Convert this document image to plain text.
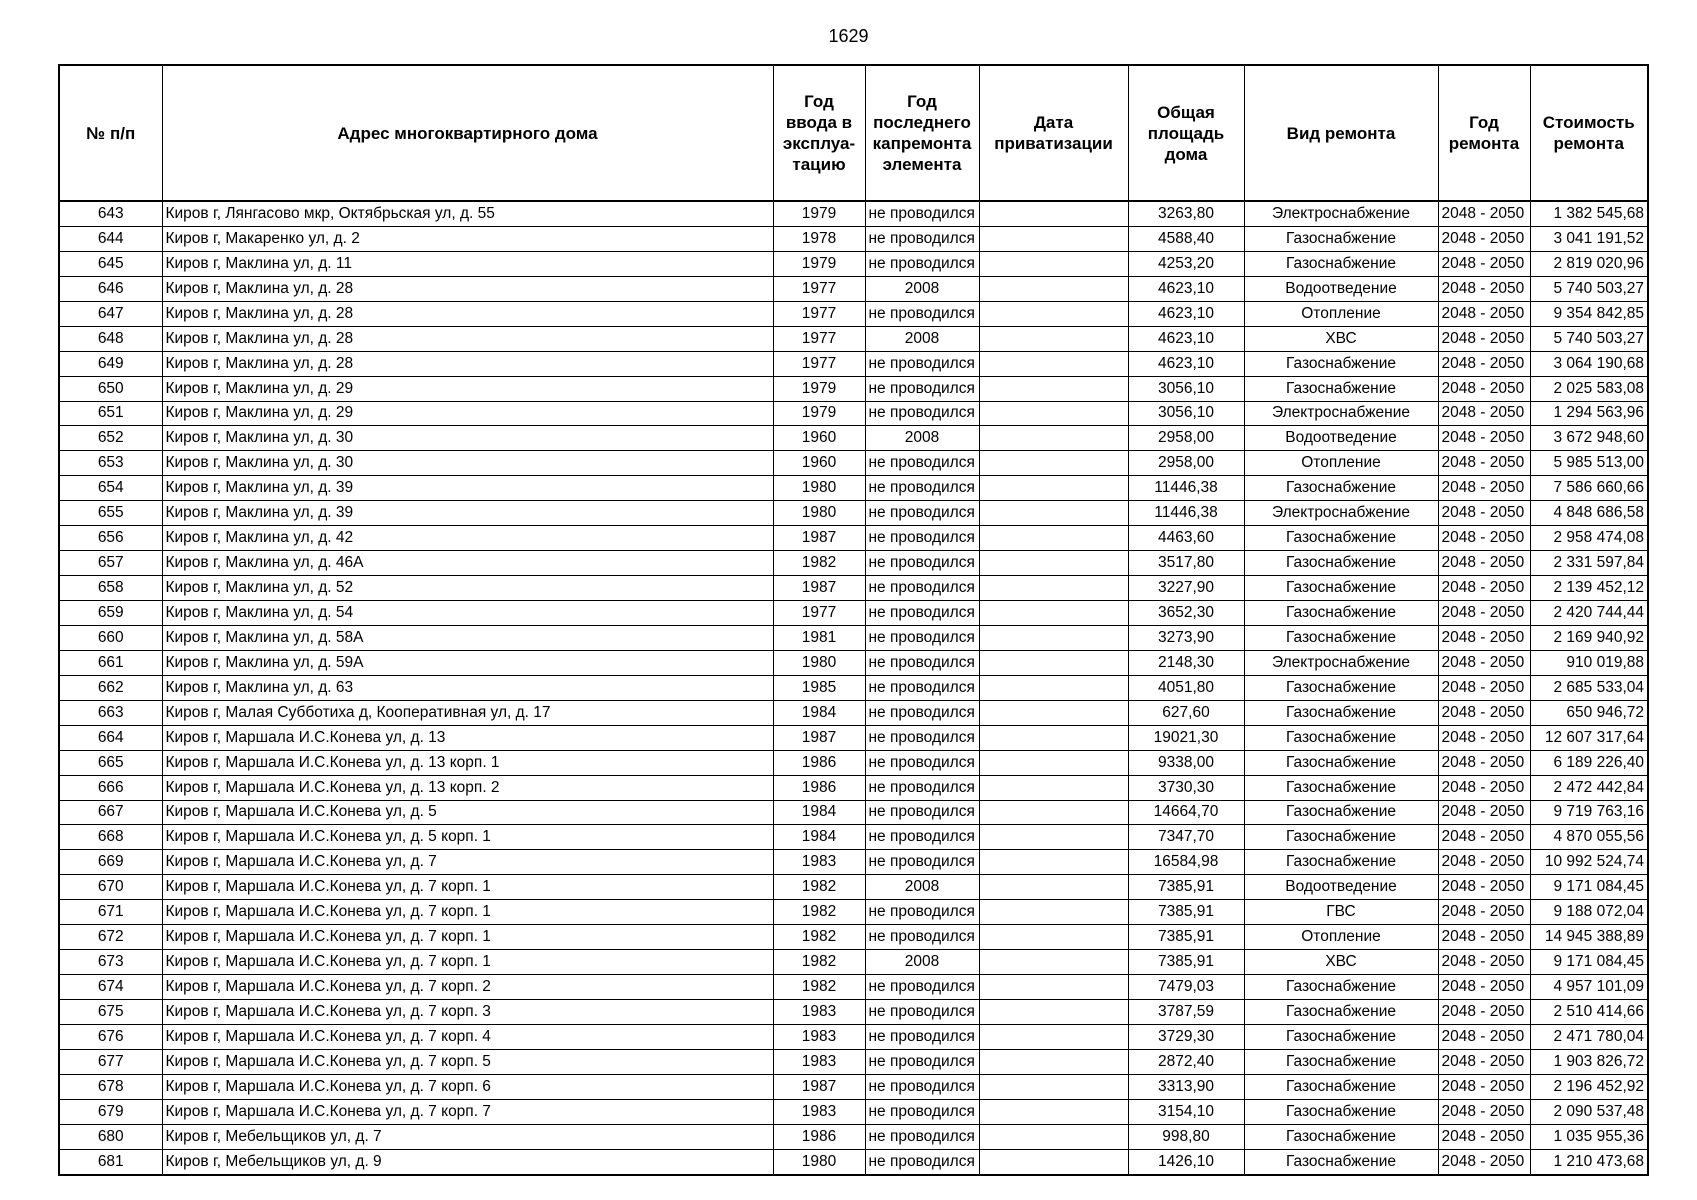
1629
№ п/п	Адрес многоквартирного дома	Год ввода в эксплуа-тацию	Год последнего капремонта элемента	Дата приватизации	Общая площадь дома	Вид ремонта	Год ремонта	Стоимость ремонта
643	Киров г, Лянгасово мкр, Октябрьская ул, д. 55	1979	не проводился		3263,80	Электроснабжение	2048 - 2050	1 382 545,68
644	Киров г, Макаренко ул, д. 2	1978	не проводился		4588,40	Газоснабжение	2048 - 2050	3 041 191,52
645	Киров г, Маклина ул, д. 11	1979	не проводился		4253,20	Газоснабжение	2048 - 2050	2 819 020,96
646	Киров г, Маклина ул, д. 28	1977	2008		4623,10	Водоотведение	2048 - 2050	5 740 503,27
647	Киров г, Маклина ул, д. 28	1977	не проводился		4623,10	Отопление	2048 - 2050	9 354 842,85
648	Киров г, Маклина ул, д. 28	1977	2008		4623,10	ХВС	2048 - 2050	5 740 503,27
649	Киров г, Маклина ул, д. 28	1977	не проводился		4623,10	Газоснабжение	2048 - 2050	3 064 190,68
650	Киров г, Маклина ул, д. 29	1979	не проводился		3056,10	Газоснабжение	2048 - 2050	2 025 583,08
651	Киров г, Маклина ул, д. 29	1979	не проводился		3056,10	Электроснабжение	2048 - 2050	1 294 563,96
652	Киров г, Маклина ул, д. 30	1960	2008		2958,00	Водоотведение	2048 - 2050	3 672 948,60
653	Киров г, Маклина ул, д. 30	1960	не проводился		2958,00	Отопление	2048 - 2050	5 985 513,00
654	Киров г, Маклина ул, д. 39	1980	не проводился		11446,38	Газоснабжение	2048 - 2050	7 586 660,66
655	Киров г, Маклина ул, д. 39	1980	не проводился		11446,38	Электроснабжение	2048 - 2050	4 848 686,58
656	Киров г, Маклина ул, д. 42	1987	не проводился		4463,60	Газоснабжение	2048 - 2050	2 958 474,08
657	Киров г, Маклина ул, д. 46А	1982	не проводился		3517,80	Газоснабжение	2048 - 2050	2 331 597,84
658	Киров г, Маклина ул, д. 52	1987	не проводился		3227,90	Газоснабжение	2048 - 2050	2 139 452,12
659	Киров г, Маклина ул, д. 54	1977	не проводился		3652,30	Газоснабжение	2048 - 2050	2 420 744,44
660	Киров г, Маклина ул, д. 58А	1981	не проводился		3273,90	Газоснабжение	2048 - 2050	2 169 940,92
661	Киров г, Маклина ул, д. 59А	1980	не проводился		2148,30	Электроснабжение	2048 - 2050	910 019,88
662	Киров г, Маклина ул, д. 63	1985	не проводился		4051,80	Газоснабжение	2048 - 2050	2 685 533,04
663	Киров г, Малая Субботиха д, Кооперативная ул, д. 17	1984	не проводился		627,60	Газоснабжение	2048 - 2050	650 946,72
664	Киров г, Маршала И.С.Конева ул, д. 13	1987	не проводился		19021,30	Газоснабжение	2048 - 2050	12 607 317,64
665	Киров г, Маршала И.С.Конева ул, д. 13 корп. 1	1986	не проводился		9338,00	Газоснабжение	2048 - 2050	6 189 226,40
666	Киров г, Маршала И.С.Конева ул, д. 13 корп. 2	1986	не проводился		3730,30	Газоснабжение	2048 - 2050	2 472 442,84
667	Киров г, Маршала И.С.Конева ул, д. 5	1984	не проводился		14664,70	Газоснабжение	2048 - 2050	9 719 763,16
668	Киров г, Маршала И.С.Конева ул, д. 5 корп. 1	1984	не проводился		7347,70	Газоснабжение	2048 - 2050	4 870 055,56
669	Киров г, Маршала И.С.Конева ул, д. 7	1983	не проводился		16584,98	Газоснабжение	2048 - 2050	10 992 524,74
670	Киров г, Маршала И.С.Конева ул, д. 7 корп. 1	1982	2008		7385,91	Водоотведение	2048 - 2050	9 171 084,45
671	Киров г, Маршала И.С.Конева ул, д. 7 корп. 1	1982	не проводился		7385,91	ГВС	2048 - 2050	9 188 072,04
672	Киров г, Маршала И.С.Конева ул, д. 7 корп. 1	1982	не проводился		7385,91	Отопление	2048 - 2050	14 945 388,89
673	Киров г, Маршала И.С.Конева ул, д. 7 корп. 1	1982	2008		7385,91	ХВС	2048 - 2050	9 171 084,45
674	Киров г, Маршала И.С.Конева ул, д. 7 корп. 2	1982	не проводился		7479,03	Газоснабжение	2048 - 2050	4 957 101,09
675	Киров г, Маршала И.С.Конева ул, д. 7 корп. 3	1983	не проводился		3787,59	Газоснабжение	2048 - 2050	2 510 414,66
676	Киров г, Маршала И.С.Конева ул, д. 7 корп. 4	1983	не проводился		3729,30	Газоснабжение	2048 - 2050	2 471 780,04
677	Киров г, Маршала И.С.Конева ул, д. 7 корп. 5	1983	не проводился		2872,40	Газоснабжение	2048 - 2050	1 903 826,72
678	Киров г, Маршала И.С.Конева ул, д. 7 корп. 6	1987	не проводился		3313,90	Газоснабжение	2048 - 2050	2 196 452,92
679	Киров г, Маршала И.С.Конева ул, д. 7 корп. 7	1983	не проводился		3154,10	Газоснабжение	2048 - 2050	2 090 537,48
680	Киров г, Мебельщиков ул, д. 7	1986	не проводился		998,80	Газоснабжение	2048 - 2050	1 035 955,36
681	Киров г, Мебельщиков ул, д. 9	1980	не проводился		1426,10	Газоснабжение	2048 - 2050	1 210 473,68
